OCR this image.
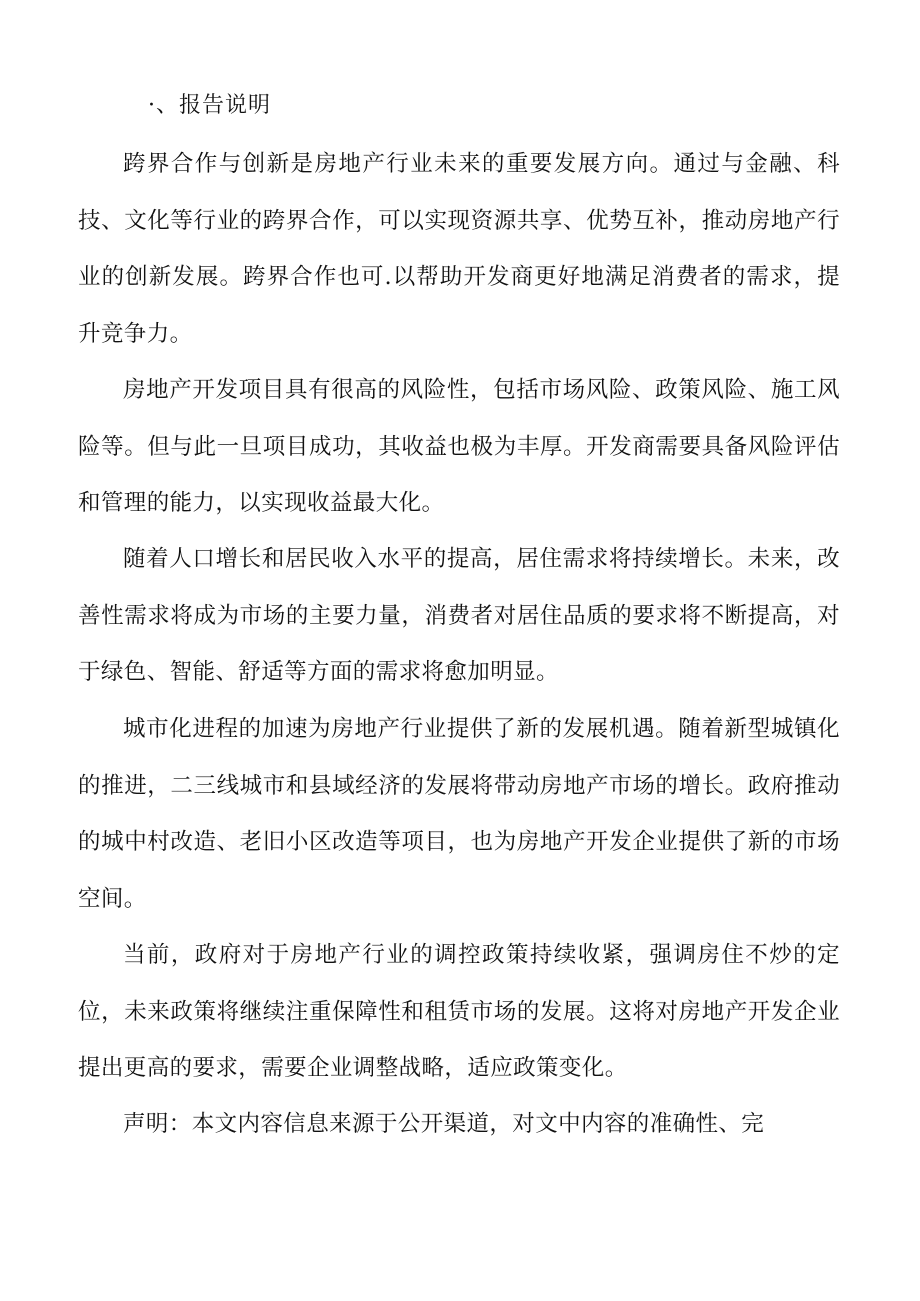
·、报告说明

跨界合作与创新是房地产行业未来的重要发展方向。通过与金融、科技、文化等行业的跨界合作，可以实现资源共享、优势互补，推动房地产行业的创新发展。跨界合作也可.以帮助开发商更好地满足消费者的需求，提升竞争力。

房地产开发项目具有很高的风险性，包括市场风险、政策风险、施工风险等。但与此一旦项目成功，其收益也极为丰厚。开发商需要具备风险评估和管理的能力，以实现收益最大化。

随着人口增长和居民收入水平的提高，居住需求将持续增长。未来，改善性需求将成为市场的主要力量，消费者对居住品质的要求将不断提高，对于绿色、智能、舒适等方面的需求将愈加明显。

城市化进程的加速为房地产行业提供了新的发展机遇。随着新型城镇化的推进，二三线城市和县域经济的发展将带动房地产市场的增长。政府推动的城中村改造、老旧小区改造等项目，也为房地产开发企业提供了新的市场空间。

当前，政府对于房地产行业的调控政策持续收紧，强调房住不炒的定位，未来政策将继续注重保障性和租赁市场的发展。这将对房地产开发企业提出更高的要求，需要企业调整战略，适应政策变化。

声明：本文内容信息来源于公开渠道，对文中内容的准确性、完
